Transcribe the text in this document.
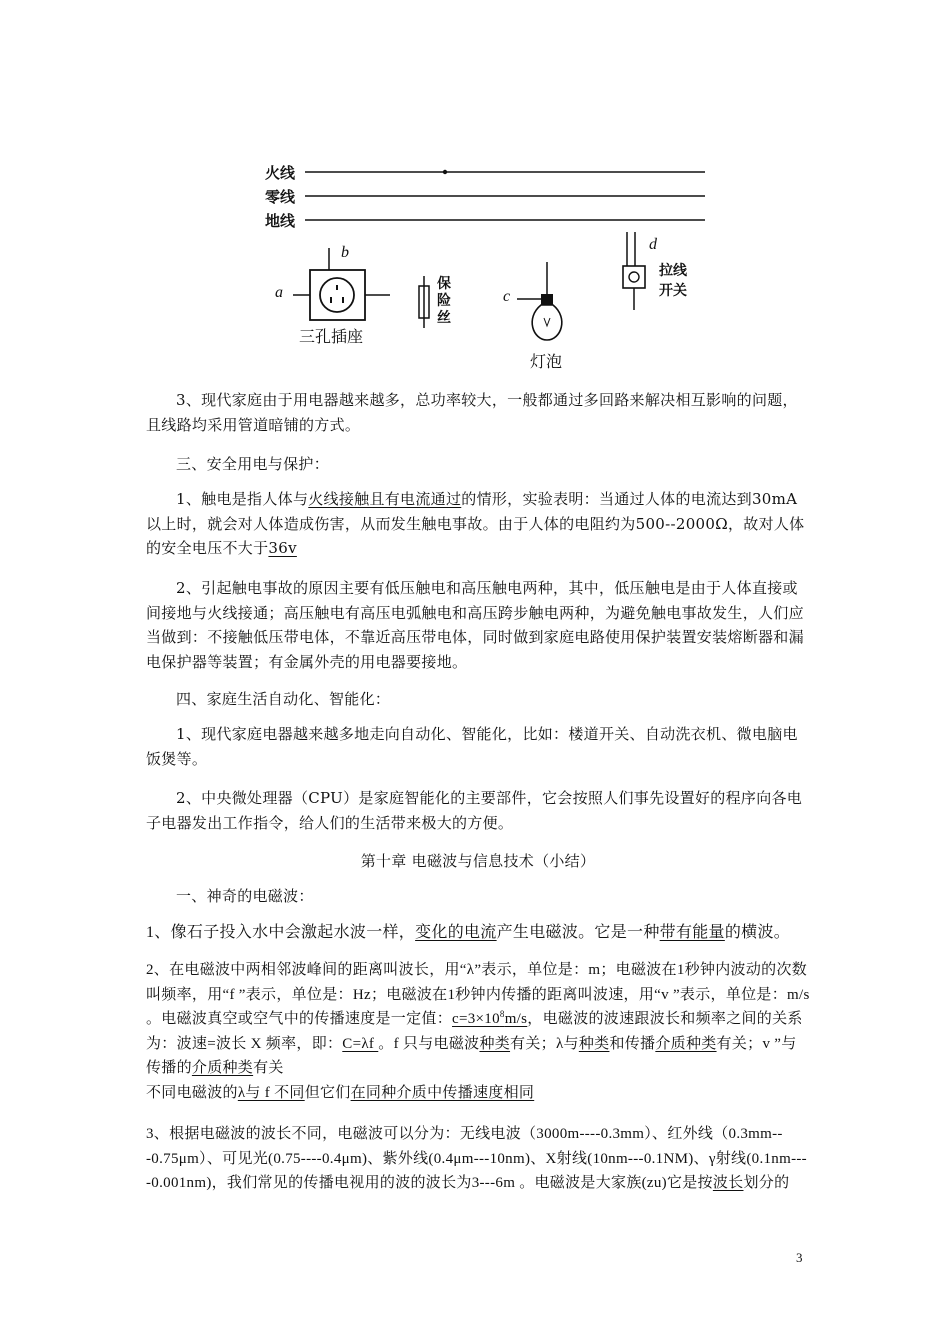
火线
零线
地线
b
a	c
d
三孔插座
保险丝
灯泡
拉线
开关

3、现代家庭由于用电器越来越多，总功率较大，一般都通过多回路来解决相互影响的问题，且线路均采用管道暗铺的方式。

三、安全用电与保护：

1、触电是指人体与火线接触且有电流通过的情形，实验表明：当通过人体的电流达到30mA以上时，就会对人体造成伤害，从而发生触电事故。由于人体的电阻约为500--2000Ω，故对人体的安全电压不大于36v

2、引起触电事故的原因主要有低压触电和高压触电两种，其中，低压触电是由于人体直接或间接地与火线接通；高压触电有高压电弧触电和高压跨步触电两种，为避免触电事故发生，人们应当做到：不接触低压带电体，不靠近高压带电体，同时做到家庭电路使用保护装置安装熔断器和漏电保护器等装置；有金属外壳的用电器要接地。

四、家庭生活自动化、智能化：

1、现代家庭电器越来越多地走向自动化、智能化，比如：楼道开关、自动洗衣机、微电脑电饭煲等。

2、中央微处理器（CPU）是家庭智能化的主要部件，它会按照人们事先设置好的程序向各电子电器发出工作指令，给人们的生活带来极大的方便。

第十章 电磁波与信息技术（小结）

一、神奇的电磁波：

1、像石子投入水中会激起水波一样，变化的电流产生电磁波。它是一种带有能量的横波。

2、在电磁波中两相邻波峰间的距离叫波长，用“λ”表示，单位是：m；电磁波在1秒钟内波动的次数叫频率，用“f ”表示，单位是：Hz；电磁波在1秒钟内传播的距离叫波速，用“v ”表示，单位是：m/s 。电磁波真空或空气中的传播速度是一定值：$c=3\times 10^8m/s$，电磁波的波速跟波长和频率之间的关系为：波速=波长 X 频率，即：C=λf 。f 只与电磁波种类有关；λ与种类和传播介质种类有关；v ”与传播的介质种类有关

不同电磁波的λ与 f 不同但它们在同种介质中传播速度相同

3、根据电磁波的波长不同，电磁波可以分为：无线电波（3000m----0.3mm）、红外线（0.3mm---0.75μm）、可见光(0.75----0.4μm)、紫外线(0.4μm---10nm)、X射线(10nm---0.1NM)、γ射线(0.1nm----0.001nm)，我们常见的传播电视用的波的波长为3---6m 。电磁波是大家族(zu)它是按波长划分的

3
